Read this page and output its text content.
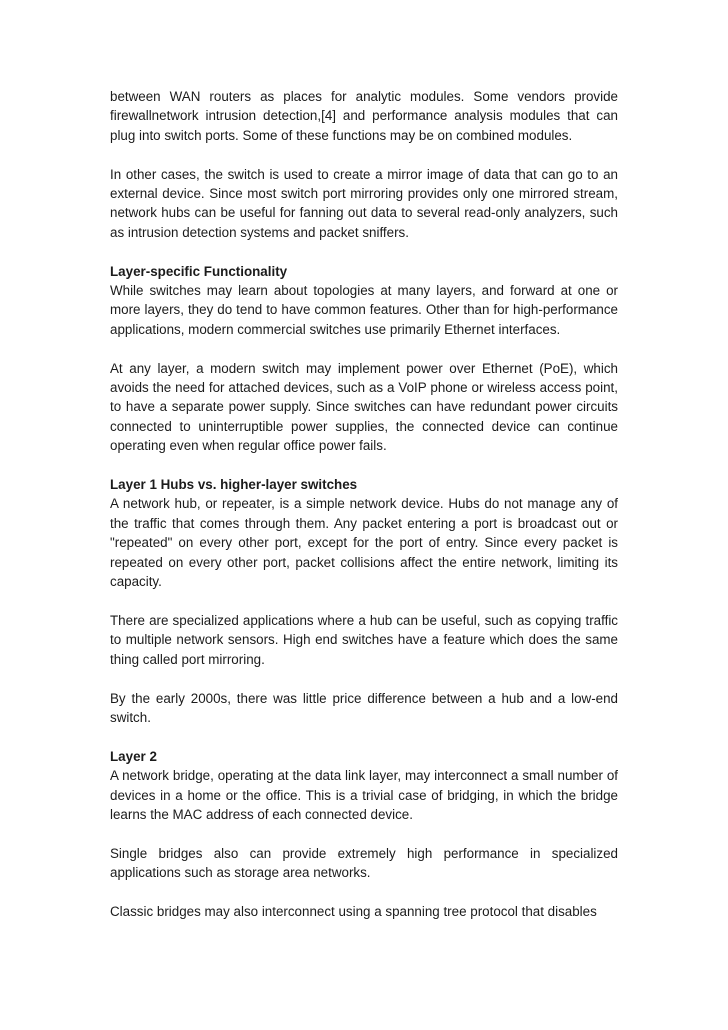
between WAN routers as places for analytic modules. Some vendors provide firewallnetwork intrusion detection,[4] and performance analysis modules that can plug into switch ports. Some of these functions may be on combined modules.

In other cases, the switch is used to create a mirror image of data that can go to an external device. Since most switch port mirroring provides only one mirrored stream, network hubs can be useful for fanning out data to several read-only analyzers, such as intrusion detection systems and packet sniffers.

Layer-specific Functionality

While switches may learn about topologies at many layers, and forward at one or more layers, they do tend to have common features. Other than for high-performance applications, modern commercial switches use primarily Ethernet interfaces.

At any layer, a modern switch may implement power over Ethernet (PoE), which avoids the need for attached devices, such as a VoIP phone or wireless access point, to have a separate power supply. Since switches can have redundant power circuits connected to uninterruptible power supplies, the connected device can continue operating even when regular office power fails.

Layer 1 Hubs vs. higher-layer switches

A network hub, or repeater, is a simple network device. Hubs do not manage any of the traffic that comes through them. Any packet entering a port is broadcast out or "repeated" on every other port, except for the port of entry. Since every packet is repeated on every other port, packet collisions affect the entire network, limiting its capacity.

There are specialized applications where a hub can be useful, such as copying traffic to multiple network sensors. High end switches have a feature which does the same thing called port mirroring.

By the early 2000s, there was little price difference between a hub and a low-end switch.

Layer 2

A network bridge, operating at the data link layer, may interconnect a small number of devices in a home or the office. This is a trivial case of bridging, in which the bridge learns the MAC address of each connected device.

Single bridges also can provide extremely high performance in specialized applications such as storage area networks.

Classic bridges may also interconnect using a spanning tree protocol that disables
